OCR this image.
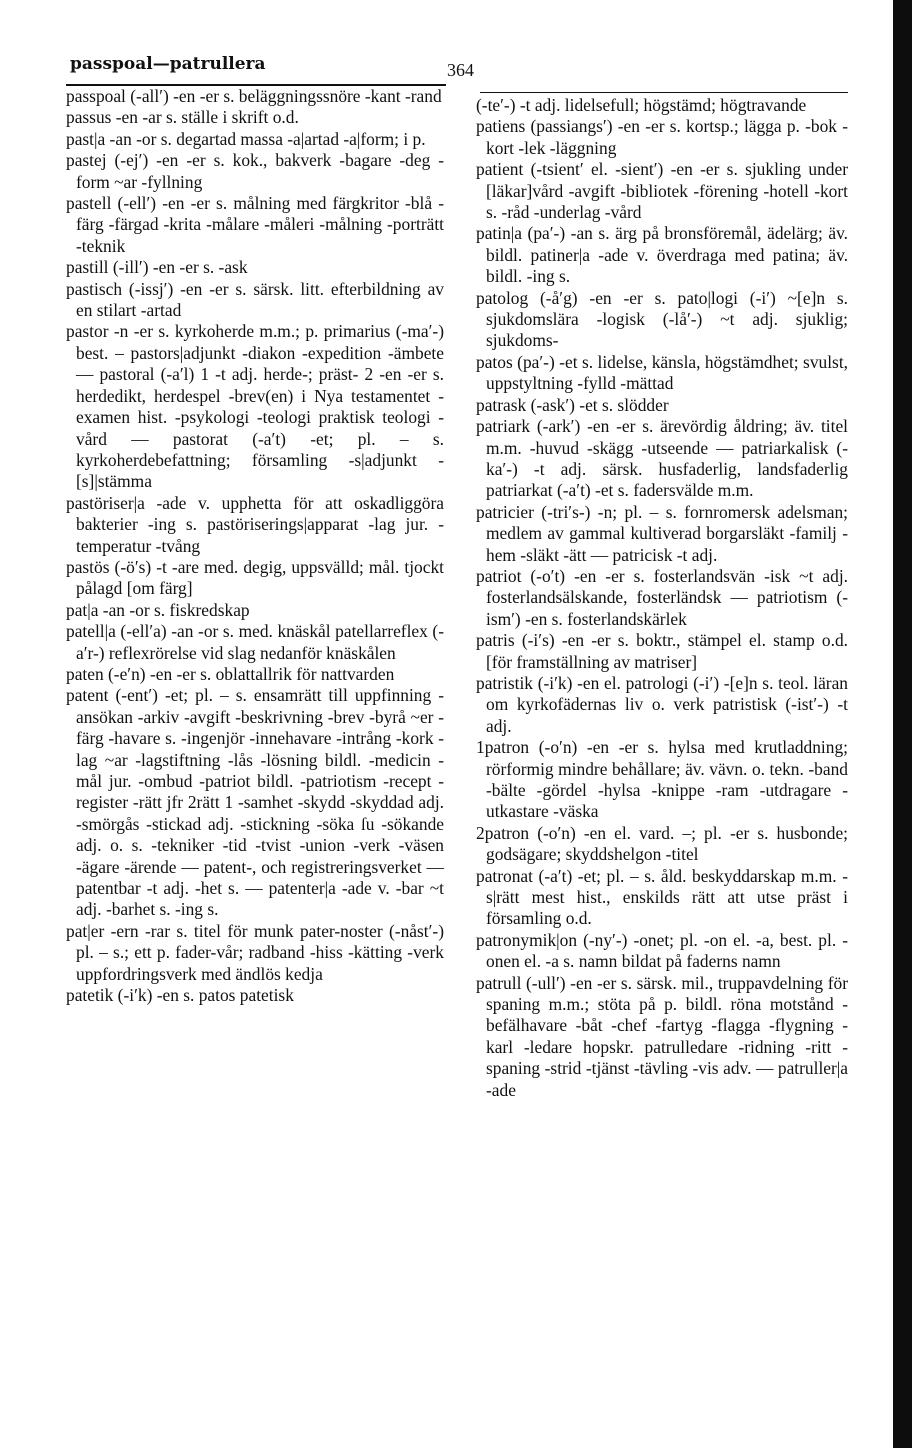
passpoal—patrullera	364

passpoal (-all′) -en -er s. beläggningssnöre -kant -rand

passus -en -ar s. ställe i skrift o.d.

past|a -an -or s. degartad massa -a|artad -a|form; i p.

pastej (-ej′) -en -er s. kok., bakverk -bagare -deg -form ~ar -fyllning

pastell (-ell′) -en -er s. målning med färgkritor -blå -färg -färgad -krita -målare -måleri -målning -porträtt -teknik

pastill (-ill′) -en -er s. -ask

pastisch (-issj′) -en -er s. särsk. litt. efterbildning av en stilart -artad

pastor -n -er s. kyrkoherde m.m.; p. primarius (-ma′-) best. – pastors|adjunkt -diakon -expedition -ämbete — pastoral (-a′l) 1 -t adj. herde-; präst- 2 -en -er s. herdedikt, herdespel -brev(en) i Nya testamentet -examen hist. -psykologi -teologi praktisk teologi -vård — pastorat (-a′t) -et; pl. – s. kyrkoherdebefattning; församling -s|adjunkt -[s]|stämma

pastöriser|a -ade v. upphetta för att oskadliggöra bakterier -ing s. pastöriserings|apparat -lag jur. -temperatur -tvång

pastös (-ö′s) -t -are med. degig, uppsvälld; mål. tjockt pålagd [om färg]

pat|a -an -or s. fiskredskap

patell|a (-ell′a) -an -or s. med. knäskål patellarreflex (-a′r-) reflexrörelse vid slag nedanför knäskålen

paten (-e′n) -en -er s. oblattallrik för nattvarden

patent (-ent′) -et; pl. – s. ensamrätt till uppfinning -ansökan -arkiv -avgift -beskrivning -brev -byrå ~er -färg -havare s. -ingenjör -innehavare -intrång -kork -lag ~ar -lagstiftning -lås -lösning bildl. -medicin -mål jur. -ombud -patriot bildl. -patriotism -recept -register -rätt jfr 2rätt 1 -samhet -skydd -skyddad adj. -smörgås -stickad adj. -stickning -söka ſu -sökande adj. o. s. -tekniker -tid -tvist -union -verk -väsen -ägare -ärende — patent-, och registreringsverket — patentbar -t adj. -het s. — patenter|a -ade v. -bar ~t adj. -barhet s. -ing s.

pat|er -ern -rar s. titel för munk pater-noster (-nåst′-) pl. – s.; ett p. fader-vår; radband -hiss -kätting -verk uppfordringsverk med ändlös kedja

patetik (-i′k) -en s. patos patetisk

(-te′-) -t adj. lidelsefull; högstämd; högtravande

patiens (passiangs′) -en -er s. kortsp.; lägga p. -bok -kort -lek -läggning

patient (-tsient′ el. -sient′) -en -er s. sjukling under [läkar]vård -avgift -bibliotek -förening -hotell -kort s. -råd -underlag -vård

patin|a (pa′-) -an s. ärg på bronsföremål, ädelärg; äv. bildl. patiner|a -ade v. överdraga med patina; äv. bildl. -ing s.

patolog (-å′g) -en -er s. pato|logi (-i′) ~[e]n s. sjukdomslära -logisk (-lå′-) ~t adj. sjuklig; sjukdoms-

patos (pa′-) -et s. lidelse, känsla, högstämdhet; svulst, uppstyltning -fylld -mättad

patrask (-ask′) -et s. slödder

patriark (-ark′) -en -er s. ärevördig åldring; äv. titel m.m. -huvud -skägg -utseende — patriarkalisk (-ka′-) -t adj. särsk. husfaderlig, landsfaderlig patriarkat (-a′t) -et s. fadersvälde m.m.

patricier (-tri′s-) -n; pl. – s. fornromersk adelsman; medlem av gammal kultiverad borgarsläkt -familj -hem -släkt -ätt — patricisk -t adj.

patriot (-o′t) -en -er s. fosterlandsvän -isk ~t adj. fosterlandsälskande, fosterländsk — patriotism (-ism′) -en s. fosterlandskärlek

patris (-i′s) -en -er s. boktr., stämpel el. stamp o.d. [för framställning av matriser]

patristik (-i′k) -en el. patrologi (-i′) -[e]n s. teol. läran om kyrkofädernas liv o. verk patristisk (-ist′-) -t adj.

1patron (-o′n) -en -er s. hylsa med krutladdning; rörformig mindre behållare; äv. vävn. o. tekn. -band -bälte -gördel -hylsa -knippe -ram -utdragare -utkastare -väska

2patron (-o′n) -en el. vard. –; pl. -er s. husbonde; godsägare; skyddshelgon -titel

patronat (-a′t) -et; pl. – s. åld. beskyddarskap m.m. -s|rätt mest hist., enskilds rätt att utse präst i församling o.d.

patronymik|on (-ny′-) -onet; pl. -on el. -a, best. pl. -onen el. -a s. namn bildat på faderns namn

patrull (-ull′) -en -er s. särsk. mil., truppavdelning för spaning m.m.; stöta på p. bildl. röna motstånd -befälhavare -båt -chef -fartyg -flagga -flygning -karl -ledare hopskr. patrulledare -ridning -ritt -spaning -strid -tjänst -tävling -vis adv. — patruller|a -ade
